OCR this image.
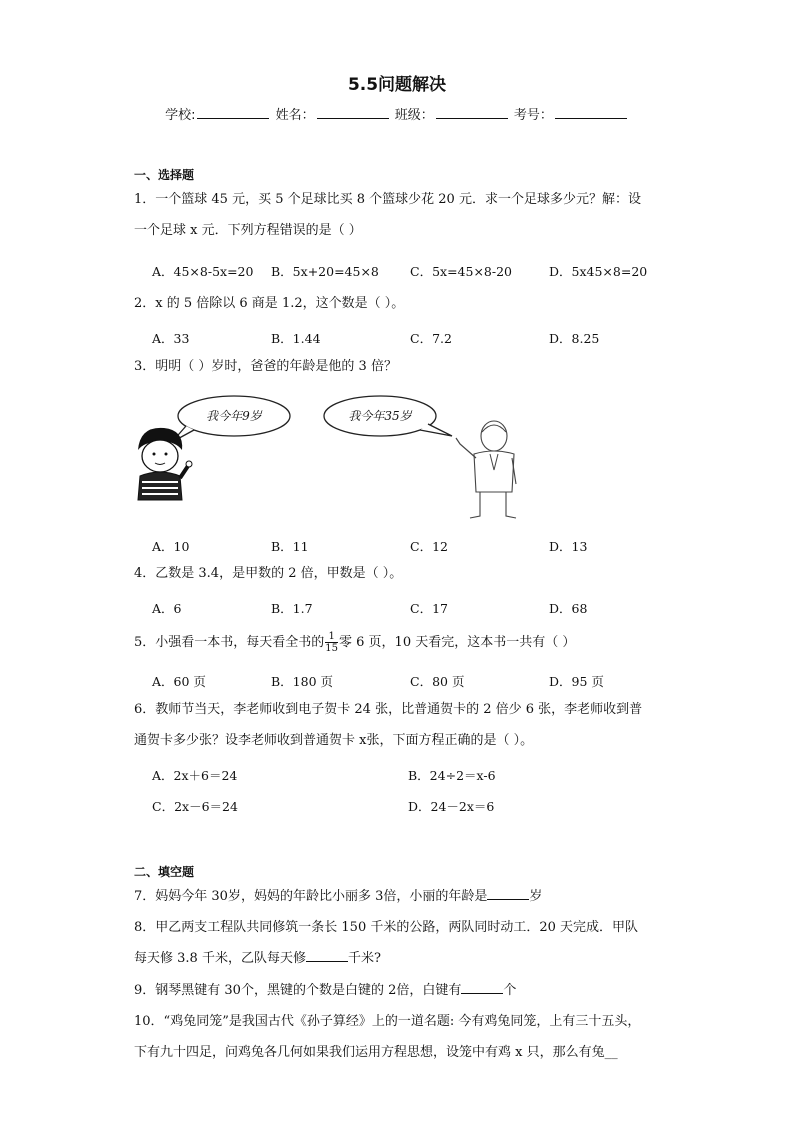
5.5问题解决
学校:	姓名：	班级：	考号：
一、选择题
1．一个篮球 45 元，买 5 个足球比买 8 个篮球少花 20 元．求一个足球多少元？解：设
一个足球 x 元．下列方程错误的是（ ）
A．45×8-5x=20 B．5x+20=45×8 C．5x=45×8-20	D．5x45×8=20
2．x 的 5 倍除以 6 商是 1.2，这个数是（ ）。
A．33	B．1.44	C．7.2	D．8.25
3．明明（ ）岁时，爸爸的年龄是他的 3 倍？
我今年9岁	我今年35岁
A．10	B．11	C．12	D．13
4．乙数是 3.4，是甲数的 2 倍，甲数是（ ）。
A．6	B．1.7	C．17	D．68
5．小强看一本书，每天看全书的 $\frac{1}{15}$ 零 6 页，10 天看完，这本书一共有（ ）
A．60 页	B．180 页	C．80 页	D．95 页
6．教师节当天，李老师收到电子贺卡 24 张，比普通贺卡的 2 倍少 6 张，李老师收到普
通贺卡多少张？设李老师收到普通贺卡 x张，下面方程正确的是（ ）。
A．2x＋6＝24	B．24÷2＝x-6
C．2x－6＝24	D．24－2x＝6
二、填空题
7．妈妈今年 30岁，妈妈的年龄比小丽多 3倍，小丽的年龄是	岁
8．甲乙两支工程队共同修筑一条长 150 千米的公路，两队同时动工．20 天完成．甲队
每天修 3.8 千米，乙队每天修	千米?
9．钢琴黑键有 30个，黑键的个数是白键的 2倍，白键有	个
10．“鸡兔同笼”是我国古代《孙子算经》上的一道名题: 今有鸡兔同笼，上有三十五头，
下有九十四足，问鸡兔各几何如果我们运用方程思想，设笼中有鸡 x 只，那么有兔__
